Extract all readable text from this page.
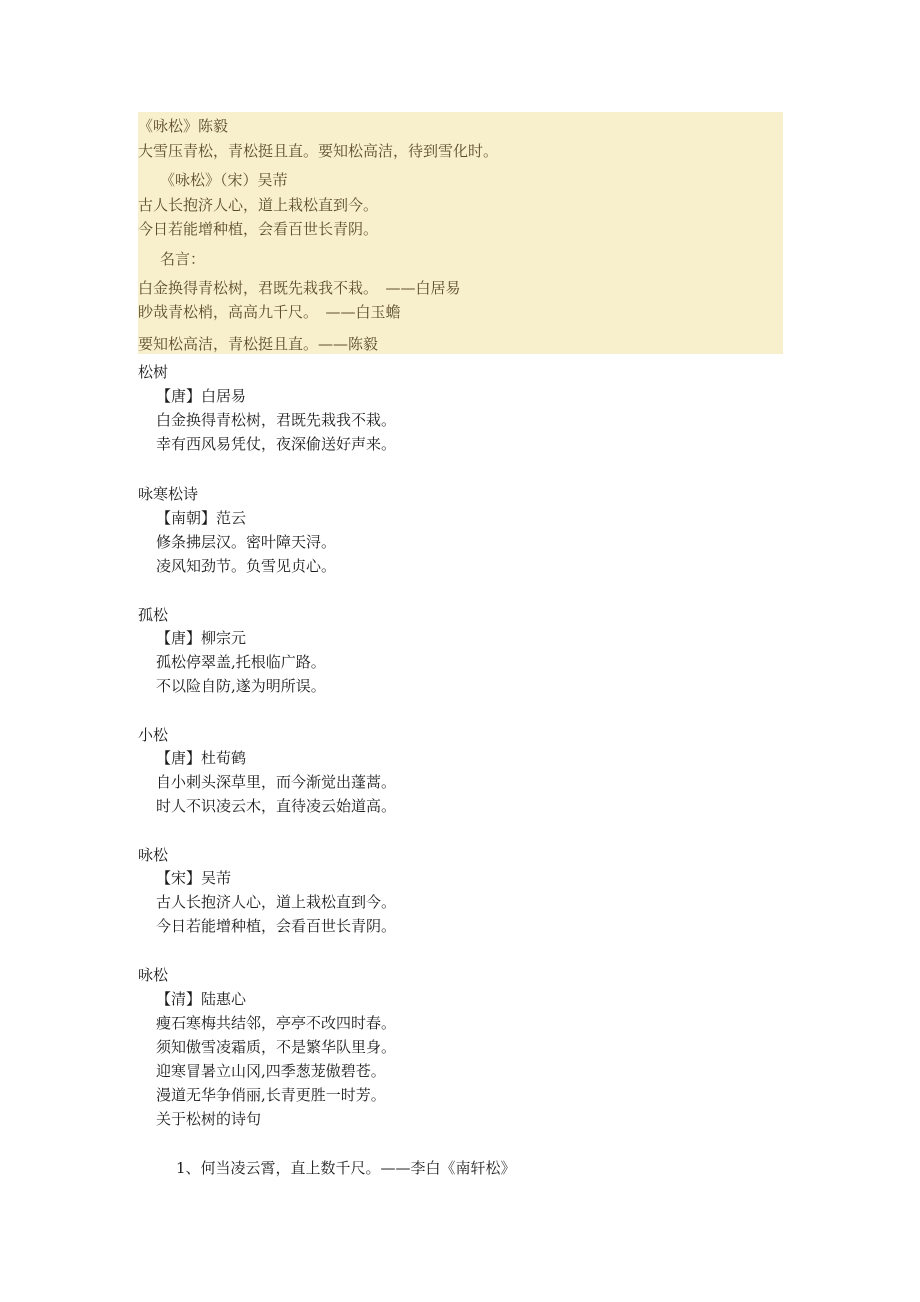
《咏松》陈毅
大雪压青松，青松挺且直。要知松高洁，待到雪化时。
《咏松》（宋）吴芾
古人长抱济人心，道上栽松直到今。
今日若能增种植，会看百世长青阴。
名言：
白金换得青松树，君既先栽我不栽。　——白居易
眇哉青松梢，高高九千尺。　——白玉蟾
要知松高洁，青松挺且直。——陈毅
松树
【唐】白居易
白金换得青松树，君既先栽我不栽。
幸有西风易凭仗，夜深偷送好声来。
咏寒松诗
【南朝】范云
修条拂层汉。密叶障天浔。
凌风知劲节。负雪见贞心。
孤松
【唐】柳宗元
孤松停翠盖,托根临广路。
不以险自防,遂为明所误。
小松
【唐】杜荀鹤
自小刺头深草里，而今渐觉出蓬蒿。
时人不识凌云木，直待凌云始道高。
咏松
【宋】吴芾
古人长抱济人心，道上栽松直到今。
今日若能增种植，会看百世长青阴。
咏松
【清】陆惠心
瘦石寒梅共结邻，亭亭不改四时春。
须知傲雪凌霜质，不是繁华队里身。
迎寒冒暑立山冈,四季葱茏傲碧苍。
漫道无华争俏丽,长青更胜一时芳。
关于松树的诗句
1、何当凌云霄，直上数千尺。——李白《南轩松》
